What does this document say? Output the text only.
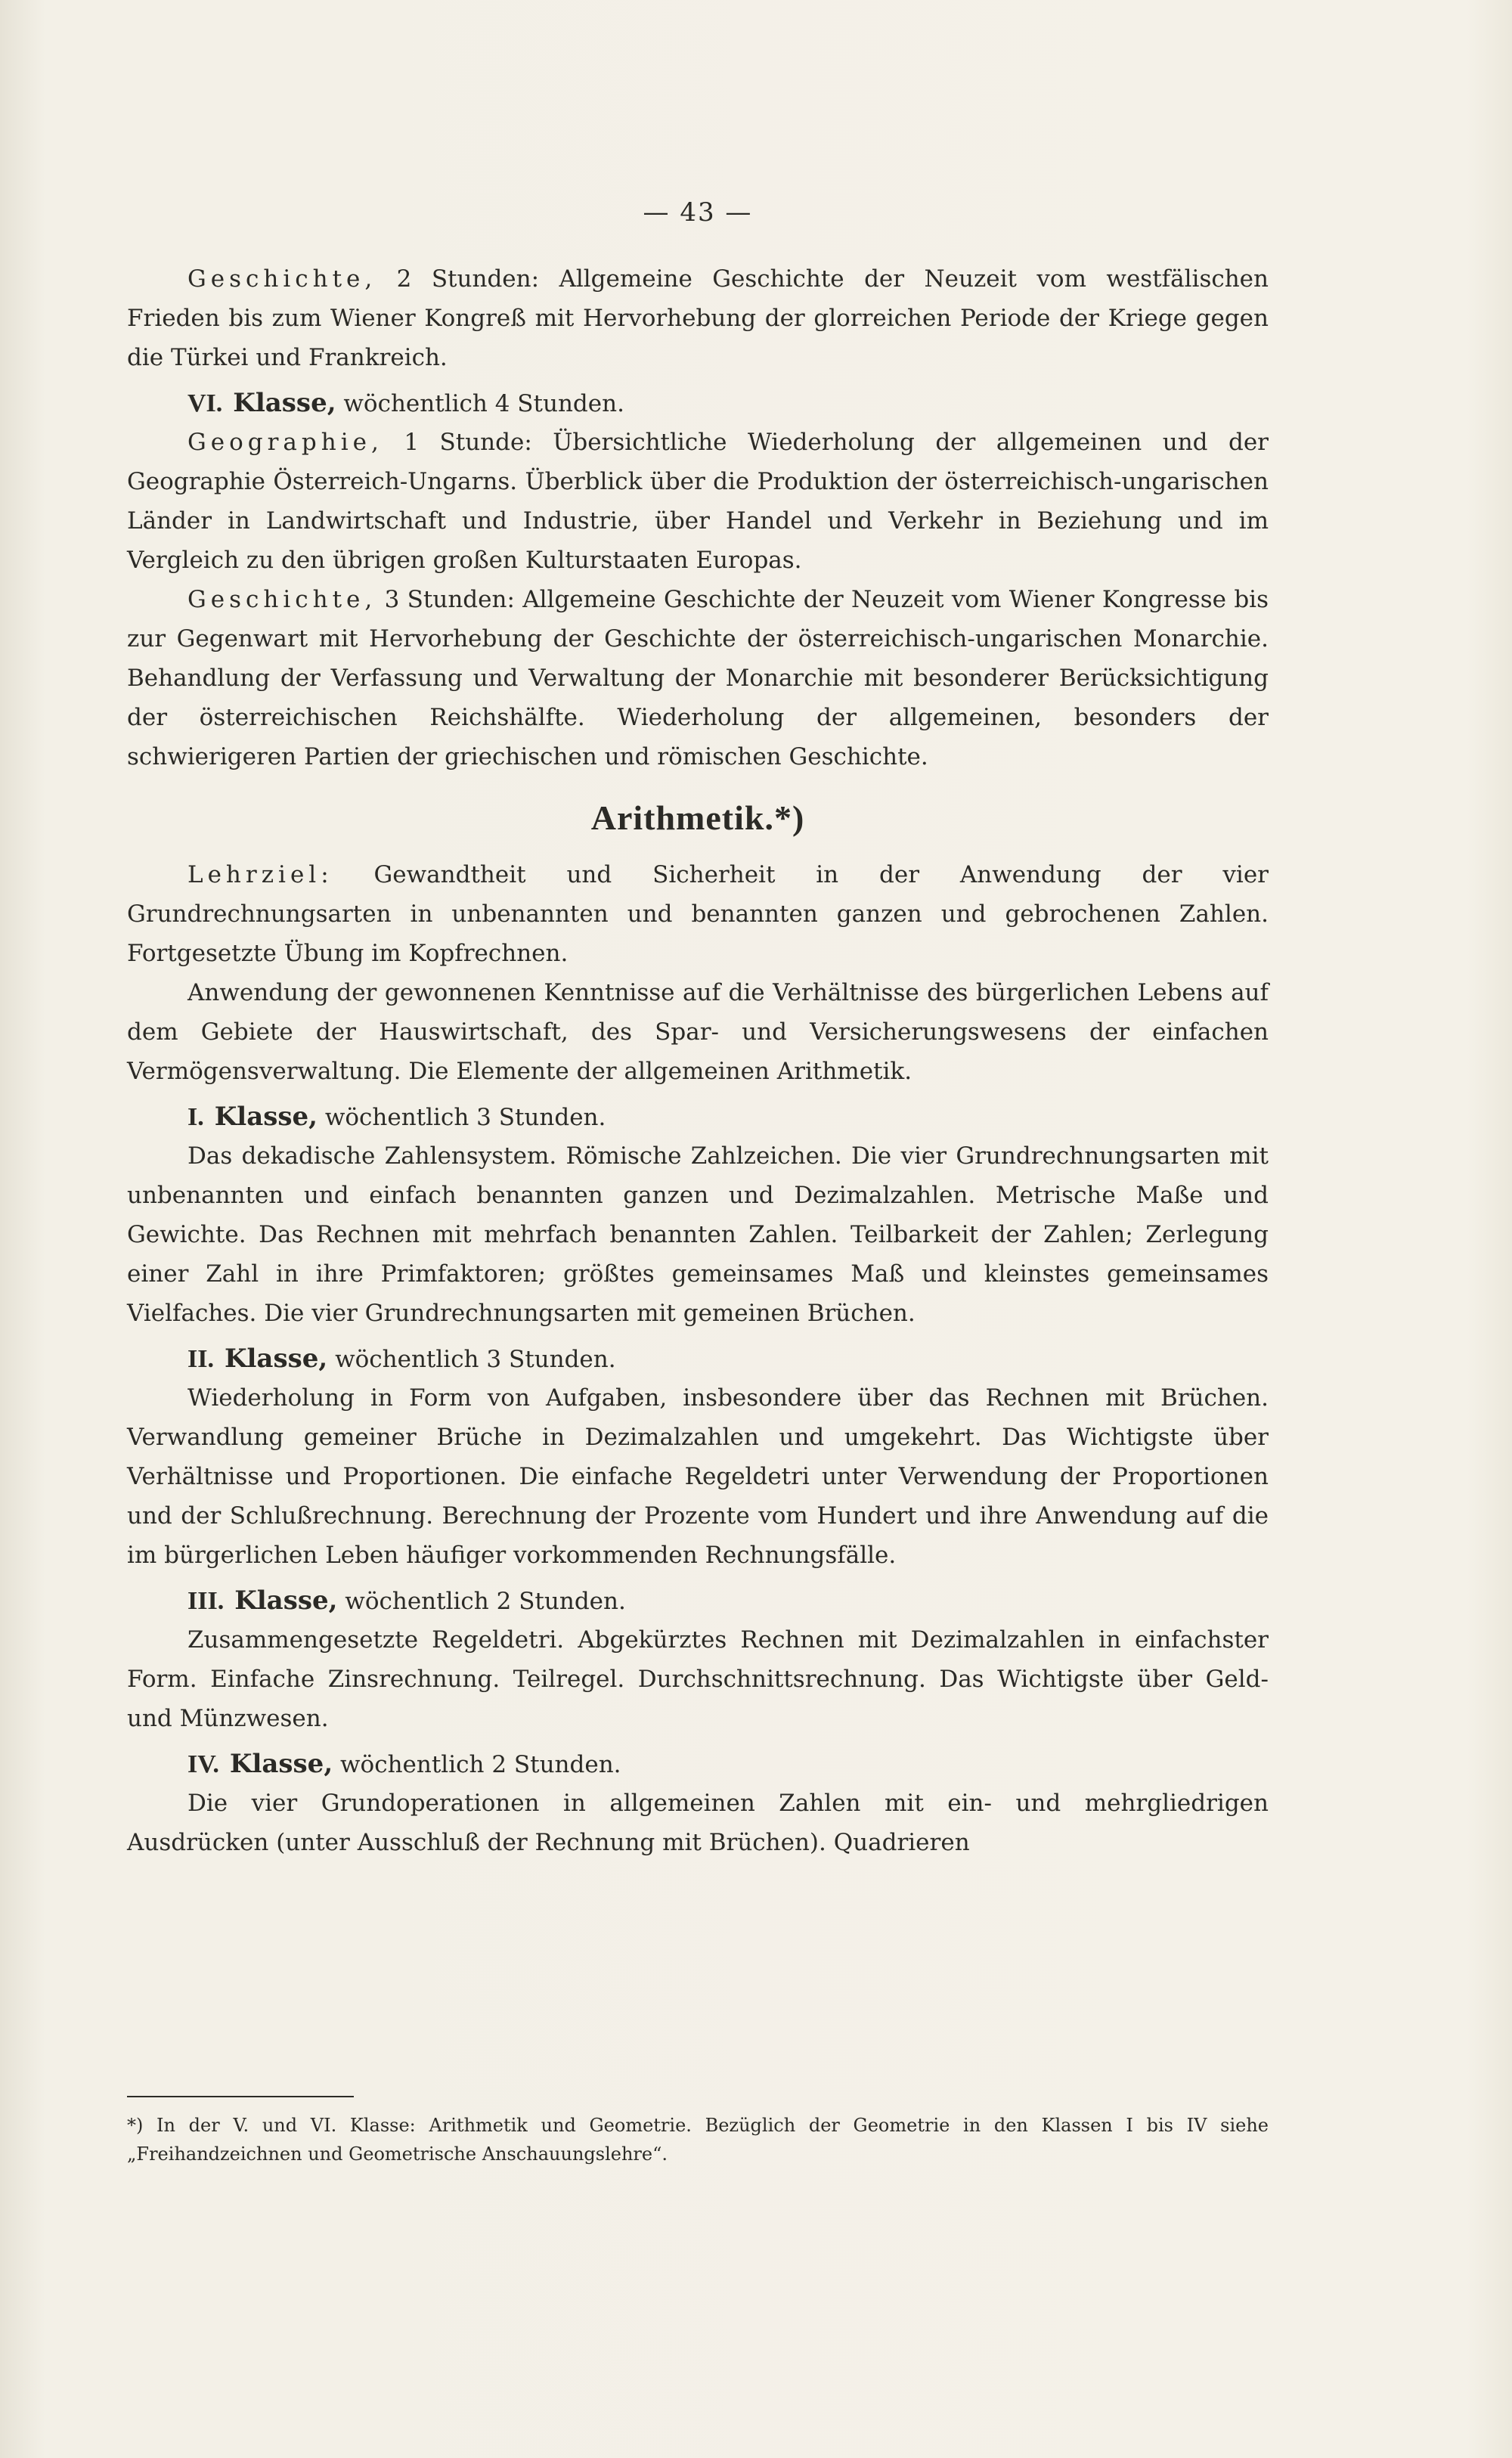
— 43 —

Geschichte, 2 Stunden: Allgemeine Geschichte der Neuzeit vom westfälischen Frieden bis zum Wiener Kongreß mit Hervorhebung der glorreichen Periode der Kriege gegen die Türkei und Frankreich.

VI. Klasse, wöchentlich 4 Stunden.

Geographie, 1 Stunde: Übersichtliche Wiederholung der allgemeinen und der Geographie Österreich-Ungarns. Überblick über die Produktion der österreichisch-ungarischen Länder in Landwirtschaft und Industrie, über Handel und Verkehr in Beziehung und im Vergleich zu den übrigen großen Kulturstaaten Europas.

Geschichte, 3 Stunden: Allgemeine Geschichte der Neuzeit vom Wiener Kongresse bis zur Gegenwart mit Hervorhebung der Geschichte der österreichisch-ungarischen Monarchie. Behandlung der Verfassung und Verwaltung der Monarchie mit besonderer Berücksichtigung der österreichischen Reichshälfte. Wiederholung der allgemeinen, besonders der schwierigeren Partien der griechischen und römischen Geschichte.

Arithmetik.*)

Lehrziel: Gewandtheit und Sicherheit in der Anwendung der vier Grundrechnungsarten in unbenannten und benannten ganzen und gebrochenen Zahlen. Fortgesetzte Übung im Kopfrechnen.

Anwendung der gewonnenen Kenntnisse auf die Verhältnisse des bürgerlichen Lebens auf dem Gebiete der Hauswirtschaft, des Spar- und Versicherungswesens der einfachen Vermögensverwaltung. Die Elemente der allgemeinen Arithmetik.

I. Klasse, wöchentlich 3 Stunden.

Das dekadische Zahlensystem. Römische Zahlzeichen. Die vier Grundrechnungsarten mit unbenannten und einfach benannten ganzen und Dezimalzahlen. Metrische Maße und Gewichte. Das Rechnen mit mehrfach benannten Zahlen. Teilbarkeit der Zahlen; Zerlegung einer Zahl in ihre Primfaktoren; größtes gemeinsames Maß und kleinstes gemeinsames Vielfaches. Die vier Grundrechnungsarten mit gemeinen Brüchen.

II. Klasse, wöchentlich 3 Stunden.

Wiederholung in Form von Aufgaben, insbesondere über das Rechnen mit Brüchen. Verwandlung gemeiner Brüche in Dezimalzahlen und umgekehrt. Das Wichtigste über Verhältnisse und Proportionen. Die einfache Regeldetri unter Verwendung der Proportionen und der Schlußrechnung. Berechnung der Prozente vom Hundert und ihre Anwendung auf die im bürgerlichen Leben häufiger vorkommenden Rechnungsfälle.

III. Klasse, wöchentlich 2 Stunden.

Zusammengesetzte Regeldetri. Abgekürztes Rechnen mit Dezimalzahlen in einfachster Form. Einfache Zinsrechnung. Teilregel. Durchschnittsrechnung. Das Wichtigste über Geld- und Münzwesen.

IV. Klasse, wöchentlich 2 Stunden.

Die vier Grundoperationen in allgemeinen Zahlen mit ein- und mehrgliedrigen Ausdrücken (unter Ausschluß der Rechnung mit Brüchen). Quadrieren

*) In der V. und VI. Klasse: Arithmetik und Geometrie. Bezüglich der Geometrie in den Klassen I bis IV siehe „Freihandzeichnen und Geometrische Anschauungslehre“.
